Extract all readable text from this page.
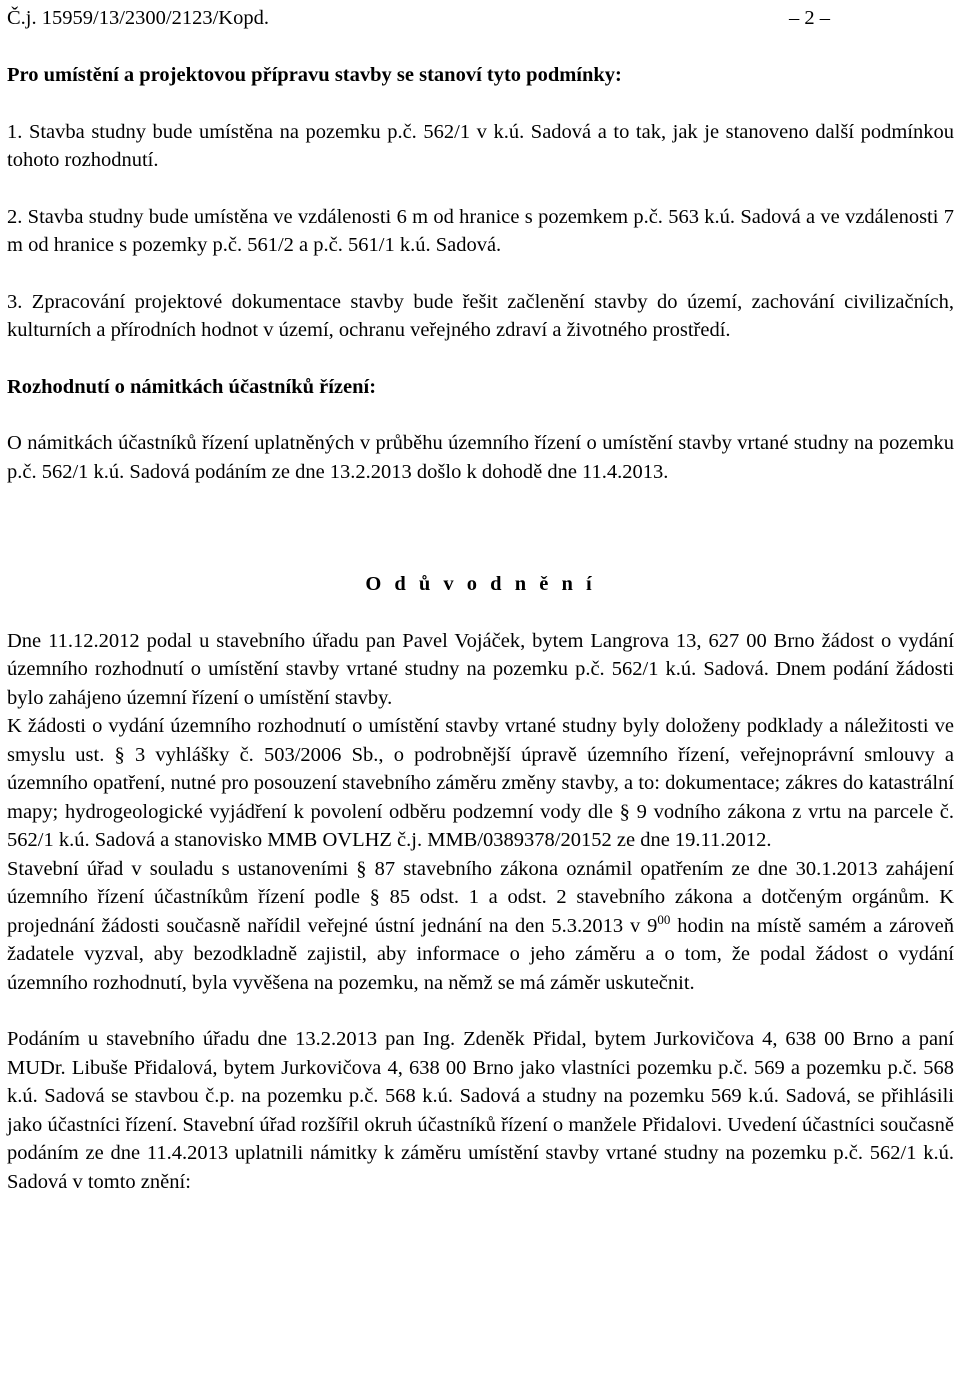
Č.j. 15959/13/2300/2123/Kopd.	– 2 –

Pro umístění a projektovou přípravu stavby se stanoví tyto podmínky:

1. Stavba studny bude umístěna na pozemku p.č. 562/1 v k.ú. Sadová a to tak, jak je stanoveno další podmínkou tohoto rozhodnutí.

2. Stavba studny bude umístěna ve vzdálenosti 6 m od hranice s pozemkem p.č. 563 k.ú. Sadová a ve vzdálenosti 7 m od hranice s pozemky p.č. 561/2 a p.č. 561/1 k.ú. Sadová.

3. Zpracování projektové dokumentace stavby bude řešit začlenění stavby do území, zachování civilizačních, kulturních a přírodních hodnot v území, ochranu veřejného zdraví a životného prostředí.

Rozhodnutí o námitkách účastníků řízení:

O námitkách účastníků řízení uplatněných v průběhu územního řízení o umístění stavby vrtané studny na pozemku p.č. 562/1 k.ú. Sadová podáním ze dne 13.2.2013 došlo k dohodě dne 11.4.2013.

O d ů v o d n ě n í

Dne 11.12.2012 podal u stavebního úřadu pan Pavel Vojáček, bytem Langrova 13, 627 00 Brno žádost o vydání územního rozhodnutí o umístění stavby vrtané studny na pozemku p.č. 562/1 k.ú. Sadová. Dnem podání žádosti bylo zahájeno územní řízení o umístění stavby.

K žádosti o vydání územního rozhodnutí o umístění stavby vrtané studny byly doloženy podklady a náležitosti ve smyslu ust. § 3 vyhlášky č. 503/2006 Sb., o podrobnější úpravě územního řízení, veřejnoprávní smlouvy a územního opatření, nutné pro posouzení stavebního záměru změny stavby, a to: dokumentace; zákres do katastrální mapy; hydrogeologické vyjádření k povolení odběru podzemní vody dle § 9 vodního zákona z vrtu na parcele č. 562/1 k.ú. Sadová a stanovisko MMB OVLHZ č.j. MMB/0389378/20152 ze dne 19.11.2012.

Stavební úřad v souladu s ustanoveními § 87 stavebního zákona oznámil opatřením ze dne 30.1.2013 zahájení územního řízení účastníkům řízení podle § 85 odst. 1 a odst. 2 stavebního zákona a dotčeným orgánům. K projednání žádosti současně nařídil veřejné ústní jednání na den 5.3.2013 v $9^{00}$ hodin na místě samém a zároveň žadatele vyzval, aby bezodkladně zajistil, aby informace o jeho záměru a o tom, že podal žádost o vydání územního rozhodnutí, byla vyvěšena na pozemku, na němž se má záměr uskutečnit.

Podáním u stavebního úřadu dne 13.2.2013 pan Ing. Zdeněk Přidal, bytem Jurkovičova 4, 638 00 Brno a paní MUDr. Libuše Přidalová, bytem Jurkovičova 4, 638 00 Brno jako vlastníci pozemku p.č. 569 a pozemku p.č. 568 k.ú. Sadová se stavbou č.p. na pozemku p.č. 568 k.ú. Sadová a studny na pozemku 569 k.ú. Sadová, se přihlásili jako účastníci řízení. Stavební úřad rozšířil okruh účastníků řízení o manžele Přidalovi. Uvedení účastníci současně podáním ze dne 11.4.2013 uplatnili námitky k záměru umístění stavby vrtané studny na pozemku p.č. 562/1 k.ú. Sadová v tomto znění:
